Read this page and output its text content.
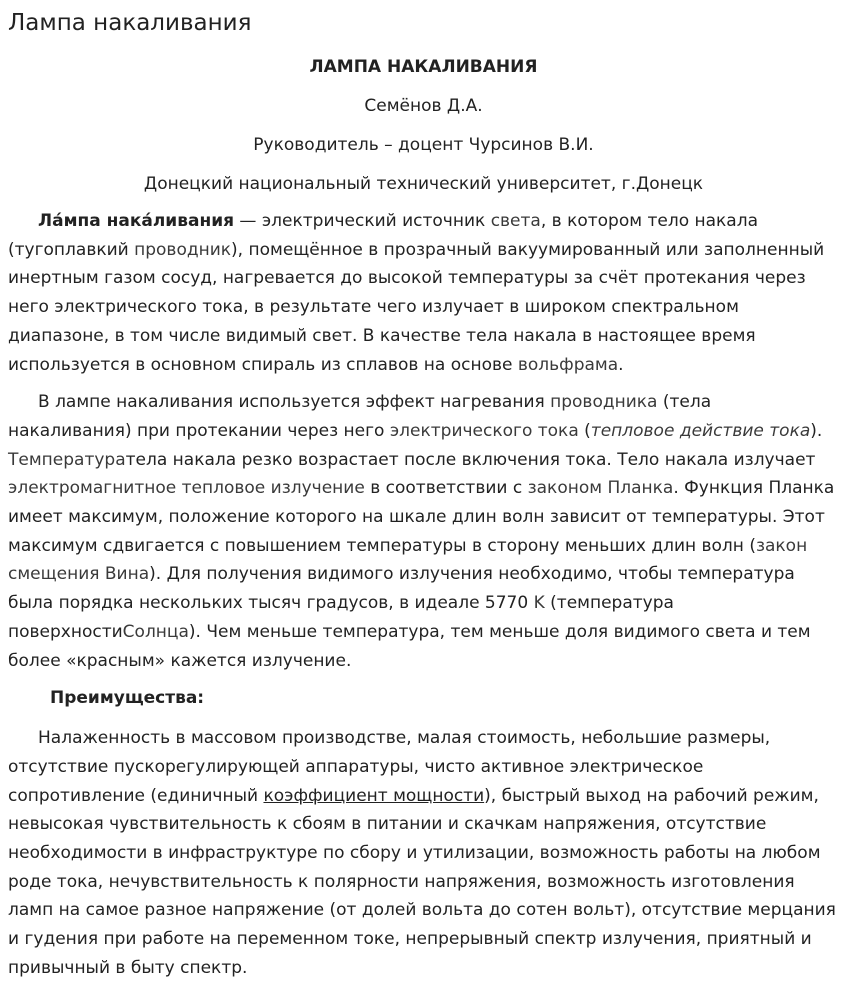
Лампа накаливания

ЛАМПА НАКАЛИВАНИЯ

Семёнов Д.А.

Руководитель – доцент Чурсинов В.И.

Донецкий национальный технический университет, г.Донецк

Ла́мпа нака́ливания — электрический источник света, в котором тело накала (тугоплавкий проводник), помещённое в прозрачный вакуумированный или заполненный инертным газом сосуд, нагревается до высокой температуры за счёт протекания через него электрического тока, в результате чего излучает в широком спектральном диапазоне, в том числе видимый свет. В качестве тела накала в настоящее время используется в основном спираль из сплавов на основе вольфрама.

В лампе накаливания используется эффект нагревания проводника (тела накаливания) при протекании через него электрического тока (тепловое действие тока). Температуратела накала резко возрастает после включения тока. Тело накала излучает электромагнитное тепловое излучение в соответствии с законом Планка. Функция Планка имеет максимум, положение которого на шкале длин волн зависит от температуры. Этот максимум сдвигается с повышением температуры в сторону меньших длин волн (закон смещения Вина). Для получения видимого излучения необходимо, чтобы температура была порядка нескольких тысяч градусов, в идеале 5770 K (температура поверхностиСолнца). Чем меньше температура, тем меньше доля видимого света и тем более «красным» кажется излучение.

Преимущества:

Налаженность в массовом производстве, малая стоимость, небольшие размеры, отсутствие пускорегулирующей аппаратуры, чисто активное электрическое сопротивление (единичный коэффициент мощности), быстрый выход на рабочий режим, невысокая чувствительность к сбоям в питании и скачкам напряжения, отсутствие необходимости в инфраструктуре по сбору и утилизации, возможность работы на любом роде тока, нечувствительность к полярности напряжения, возможность изготовления ламп на самое разное напряжение (от долей вольта до сотен вольт), отсутствие мерцания и гудения при работе на переменном токе, непрерывный спектр излучения, приятный и привычный в быту спектр.
